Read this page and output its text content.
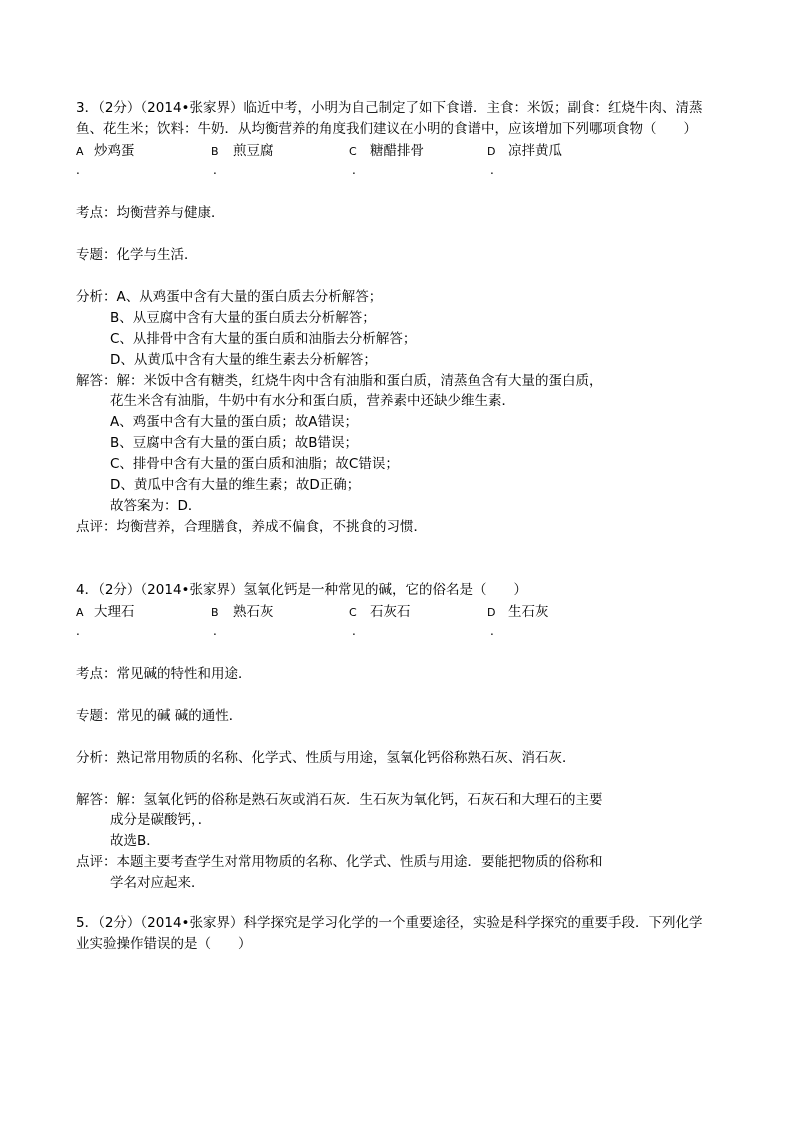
3．（2分）（2014•张家界）临近中考，小明为自己制定了如下食谱．主食：米饭；副食：红烧牛肉、清蒸
鱼、花生米；饮料：牛奶．从均衡营养的角度我们建议在小明的食谱中，应该增加下列哪项食物（　　）
A 炒鸡蛋
.
B 煎豆腐
.
C 糖醋排骨
.
D 凉拌黄瓜
.
考点：均衡营养与健康．
专题：化学与生活．
分析：A、从鸡蛋中含有大量的蛋白质去分析解答；
B、从豆腐中含有大量的蛋白质去分析解答；
C、从排骨中含有大量的蛋白质和油脂去分析解答；
D、从黄瓜中含有大量的维生素去分析解答；
解答：解：米饭中含有糖类，红烧牛肉中含有油脂和蛋白质，清蒸鱼含有大量的蛋白质，
花生米含有油脂，牛奶中有水分和蛋白质，营养素中还缺少维生素．
A、鸡蛋中含有大量的蛋白质；故A错误；
B、豆腐中含有大量的蛋白质；故B错误；
C、排骨中含有大量的蛋白质和油脂；故C错误；
D、黄瓜中含有大量的维生素；故D正确；
故答案为：D．
点评：均衡营养，合理膳食，养成不偏食，不挑食的习惯．
4．（2分）（2014•张家界）氢氧化钙是一种常见的碱，它的俗名是（　　）
A 大理石
.
B 熟石灰
.
C 石灰石
.
D 生石灰
.
考点：常见碱的特性和用途．
专题：常见的碱 碱的通性．
分析：熟记常用物质的名称、化学式、性质与用途，氢氧化钙俗称熟石灰、消石灰．
解答：解：氢氧化钙的俗称是熟石灰或消石灰．生石灰为氧化钙，石灰石和大理石的主要
成分是碳酸钙，．
故选B．
点评：本题主要考查学生对常用物质的名称、化学式、性质与用途．要能把物质的俗称和
学名对应起来．
5．（2分）（2014•张家界）科学探究是学习化学的一个重要途径，实验是科学探究的重要手段．下列化学
业实验操作错误的是（　　）
